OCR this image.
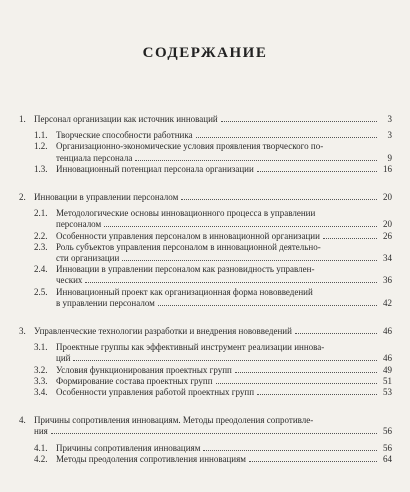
СОДЕРЖАНИЕ
1. Персонал организации как источник инноваций	3
1.1. Творческие способности работника	3
1.2. Организационно-экономические условия проявления творческого по-
тенциала персонала	9
1.3. Инновационный потенциал персонала организации	16
2. Инновации в управлении персоналом	20
2.1. Методологические основы инновационного процесса в управлении
персоналом	20
2.2. Особенности управления персоналом в инновационной организации	26
2.3. Роль субъектов управления персоналом в инновационной деятельно-
сти организации	34
2.4. Инновации в управлении персоналом как разновидность управлен-
ческих	36
2.5. Инновационный проект как организационная форма нововведений
в управлении персоналом	42
3. Управленческие технологии разработки и внедрения нововведений	46
3.1. Проектные группы как эффективный инструмент реализации иннова-
ций	46
3.2. Условия функционирования проектных групп	49
3.3. Формирование состава проектных групп	51
3.4. Особенности управления работой проектных групп	53
4. Причины сопротивления инновациям. Методы преодоления сопротивле-
ния	56
4.1. Причины сопротивления инновациям	56
4.2. Методы преодоления сопротивления инновациям	64
